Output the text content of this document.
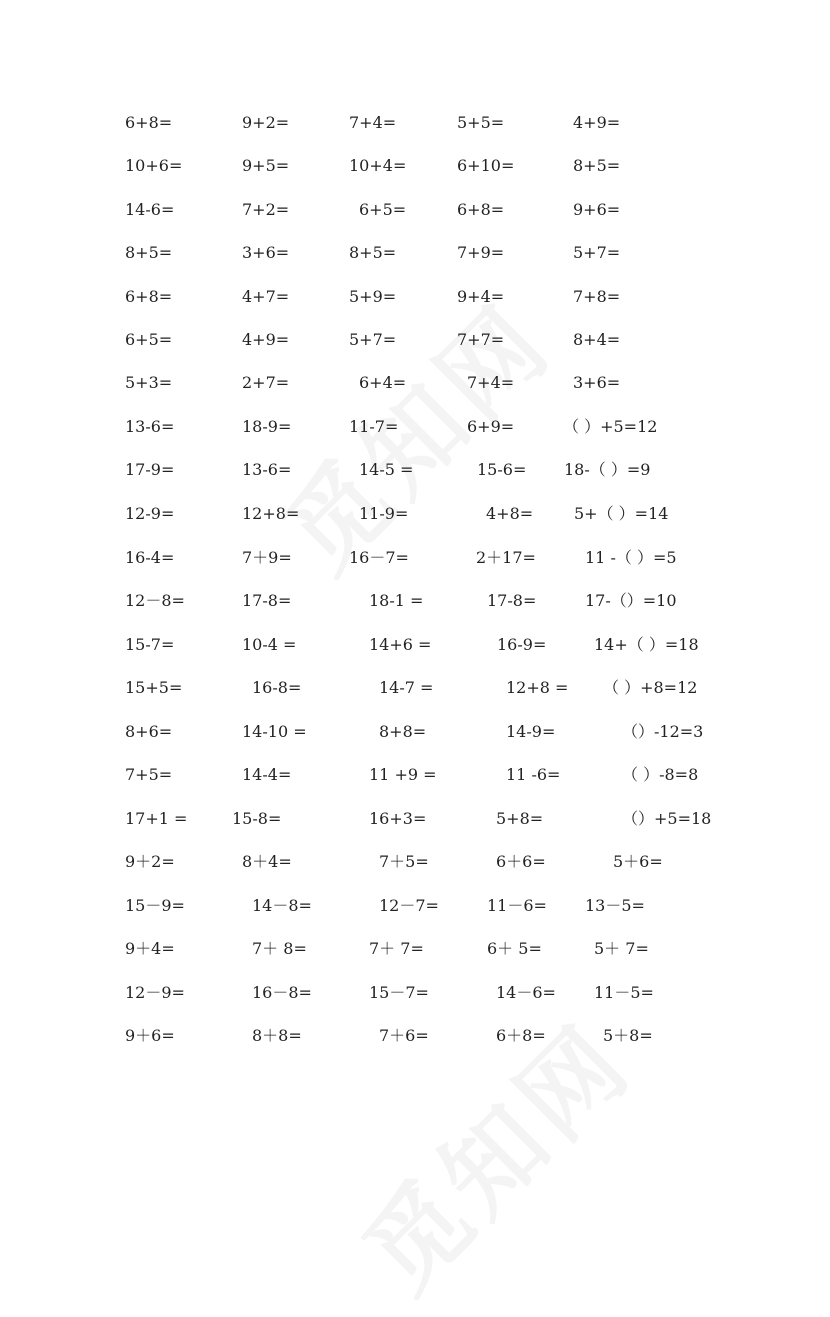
6+8=	9+2=	7+4=	5+5=	4+9=
10+6=	9+5=	10+4=	6+10=	8+5=
14-6=	7+2=	6+5=	6+8=	9+6=
8+5=	3+6=	8+5=	7+9=	5+7=
6+8=	4+7=	5+9=	9+4=	7+8=
6+5=	4+9=	5+7=	7+7=	8+4=
5+3=	2+7=	6+4=	7+4=	3+6=
13-6=	18-9=	11-7=	6+9=	（ ）+5=12
17-9=	13-6=	14-5 =	15-6= 18-（ ）=9
12-9=	12+8=	11-9=	4+8=	5+（ ）=14
16-4=	7＋9=	16－7=	2＋17=	11 -（ ）=5
12－8=	17-8=	18-1 =	17-8=	17-（）=10
15-7=	10-4 =	14+6 =	16-9=	14+（ ）=18
15+5=	16-8=	14-7 =	12+8 = （ ）+8=12
8+6=	14-10 =	8+8=	14-9=	（）-12=3
7+5=	14-4=	11 +9 =	11 -6=	（ ）-8=8
17+1 =	15-8=	16+3=	5+8=	（）+5=18
9＋2=	8＋4=	7＋5=	6＋6=	5＋6=
15－9=	14－8=	12－7=	11－6= 13－5=
9＋4=	7＋ 8=	7＋ 7=	6＋ 5=	5＋ 7=
12－9=	16－8=	15－7=	14－6= 11－5=
9＋6=	8＋8=	7＋6=	6＋8=	5＋8=
